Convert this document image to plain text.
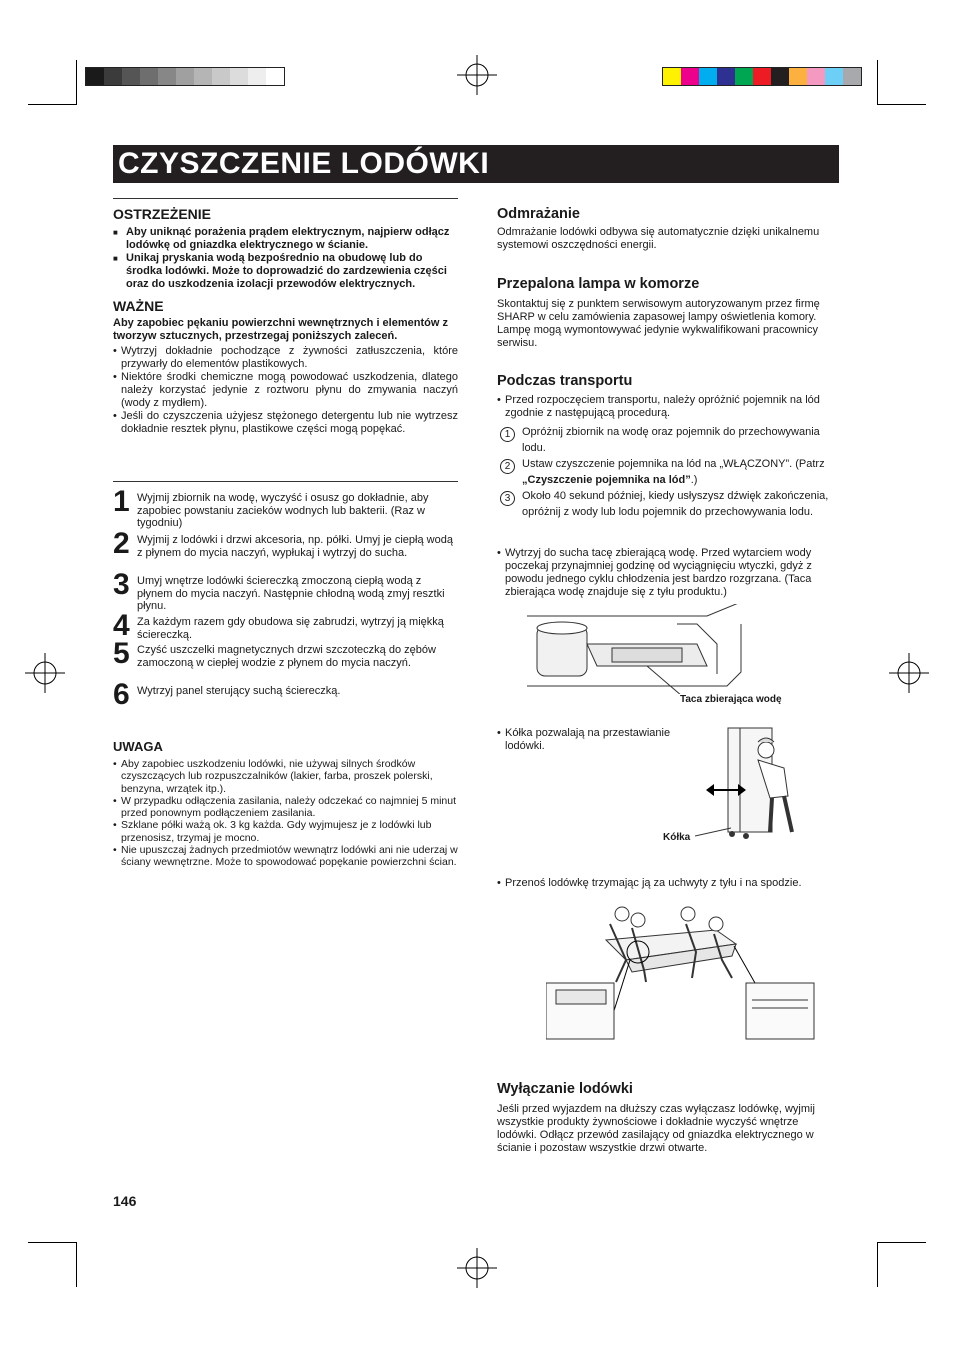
CZYSZCZENIE LODÓWKI
OSTRZEŻENIE
■ Aby uniknąć porażenia prądem elektrycznym, najpierw odłącz lodówkę od gniazdka elektrycznego w ścianie.
■ Unikaj pryskania wodą bezpośrednio na obudowę lub do środka lodówki. Może to doprowadzić do zardzewienia części oraz do uszkodzenia izolacji przewodów elektrycznych.
WAŻNE
Aby zapobiec pękaniu powierzchni wewnętrznych i elementów z tworzyw sztucznych, przestrzegaj poniższych zaleceń.
• Wytrzyj dokładnie pochodzące z żywności zatłuszczenia, które przywarły do elementów plastikowych.
• Niektóre środki chemiczne mogą powodować uszkodzenia, dlatego należy korzystać jedynie z roztworu płynu do zmywania naczyń (wody z mydłem).
• Jeśli do czyszczenia użyjesz stężonego detergentu lub nie wytrzesz dokładnie resztek płynu, plastikowe części mogą popękać.
1 Wyjmij zbiornik na wodę, wyczyść i osusz go dokładnie, aby zapobiec powstaniu zacieków wodnych lub bakterii. (Raz w tygodniu)
2 Wyjmij z lodówki i drzwi akcesoria, np. półki. Umyj je ciepłą wodą z płynem do mycia naczyń, wypłukaj i wytrzyj do sucha.
3 Umyj wnętrze lodówki ściereczką zmoczoną ciepłą wodą z płynem do mycia naczyń. Następnie chłodną wodą zmyj resztki płynu.
4 Za każdym razem gdy obudowa się zabrudzi, wytrzyj ją miękką ściereczką.
5 Czyść uszczelki magnetycznych drzwi szczoteczką do zębów zamoczoną w ciepłej wodzie z płynem do mycia naczyń.
6 Wytrzyj panel sterujący suchą ściereczką.
UWAGA
• Aby zapobiec uszkodzeniu lodówki, nie używaj silnych środków czyszczących lub rozpuszczalników (lakier, farba, proszek polerski, benzyna, wrzątek itp.).
• W przypadku odłączenia zasilania, należy odczekać co najmniej 5 minut przed ponownym podłączeniem zasilania.
• Szklane półki ważą ok. 3 kg każda. Gdy wyjmujesz je z lodówki lub przenosisz, trzymaj je mocno.
• Nie upuszczaj żadnych przedmiotów wewnątrz lodówki ani nie uderzaj w ściany wewnętrzne. Może to spowodować popękanie powierzchni ścian.
Odmrażanie
Odmrażanie lodówki odbywa się automatycznie dzięki unikalnemu systemowi oszczędności energii.
Przepalona lampa w komorze
Skontaktuj się z punktem serwisowym autoryzowanym przez firmę SHARP w celu zamówienia zapasowej lampy oświetlenia komory. Lampę mogą wymontowywać jedynie wykwalifikowani pracownicy serwisu.
Podczas transportu
• Przed rozpoczęciem transportu, należy opróżnić pojemnik na lód zgodnie z następującą procedurą.
1	Opróżnij zbiornik na wodę oraz pojemnik do przechowywania lodu.
2	Ustaw czyszczenie pojemnika na lód na „WŁĄCZONY”. (Patrz „Czyszczenie pojemnika na lód”.)
3	Około 40 sekund później, kiedy usłyszysz dźwięk zakończenia, opróżnij z wody lub lodu pojemnik do przechowywania lodu.
• Wytrzyj do sucha tacę zbierającą wodę. Przed wytarciem wody poczekaj przynajmniej godzinę od wyciągnięciu wtyczki, gdyż z powodu jednego cyklu chłodzenia jest bardzo rozgrzana. (Taca zbierająca wodę znajduje się z tyłu produktu.)
Taca zbierająca wodę
• Kółka pozwalają na przestawianie lodówki.
Kółka
• Przenoś lodówkę trzymając ją za uchwyty z tyłu i na spodzie.
Wyłączanie lodówki
Jeśli przed wyjazdem na dłuższy czas wyłączasz lodówkę, wyjmij wszystkie produkty żywnościowe i dokładnie wyczyść wnętrze lodówki. Odłącz przewód zasilający od gniazdka elektrycznego w ścianie i pozostaw wszystkie drzwi otwarte.
146
